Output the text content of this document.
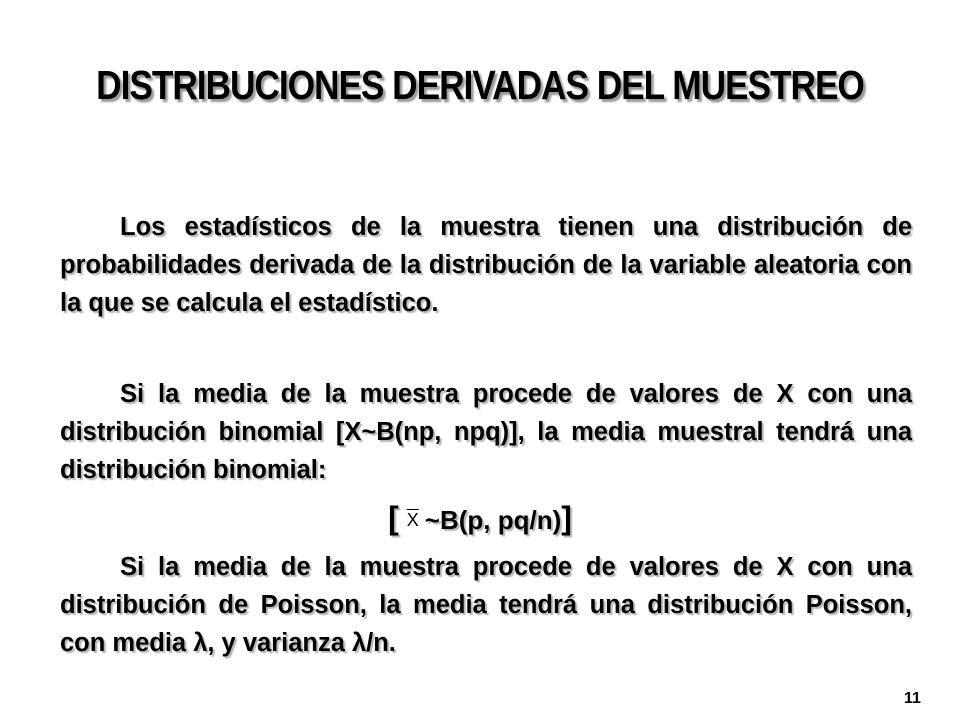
DISTRIBUCIONES DERIVADAS DEL MUESTREO

Los estadísticos de la muestra tienen una distribución de probabilidades derivada de la distribución de la variable aleatoria con la que se calcula el estadístico.

Si la media de la muestra procede de valores de X con una distribución binomial [X~B(np, npq)], la media muestral tendrá una distribución binomial:

[ $\overline{X}$ ~B(p, pq/n)]

Si la media de la muestra procede de valores de X con una distribución de Poisson, la media tendrá una distribución Poisson, con media λ, y varianza λ/n.

11
